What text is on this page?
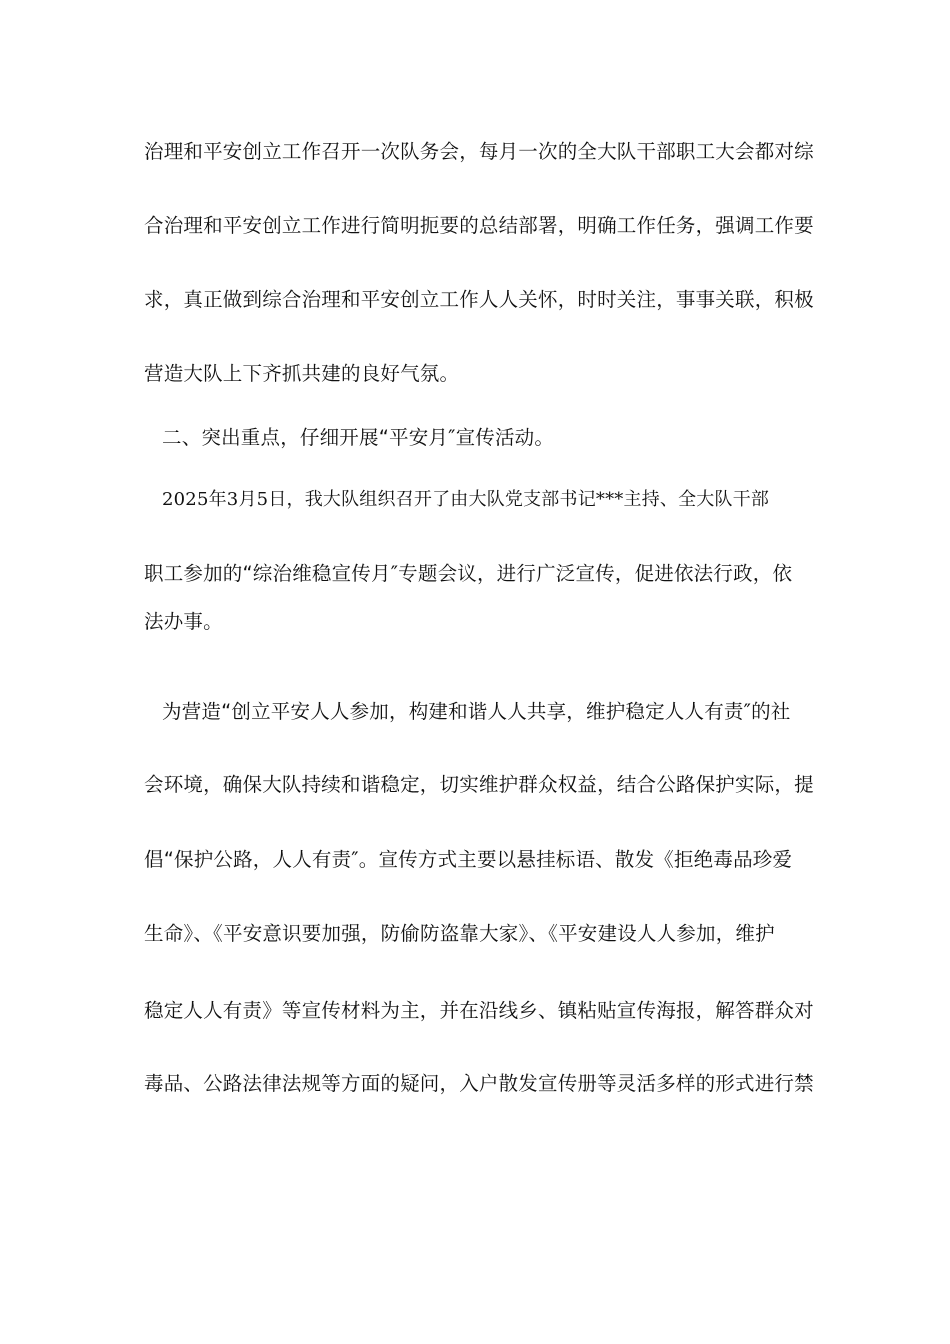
治理和平安创立工作召开一次队务会，每月一次的全大队干部职工大会都对综
合治理和平安创立工作进行简明扼要的总结部署，明确工作任务，强调工作要
求，真正做到综合治理和平安创立工作人人关怀，时时关注，事事关联，积极
营造大队上下齐抓共建的良好气氛。
二、突出重点，仔细开展“平安月″宣传活动。
2025年3月5日，我大队组织召开了由大队党支部书记***主持、全大队干部
职工参加的“综治维稳宣传月″专题会议，进行广泛宣传，促进依法行政，依
法办事。
为营造“创立平安人人参加，构建和谐人人共享，维护稳定人人有责″的社
会环境，确保大队持续和谐稳定，切实维护群众权益，结合公路保护实际，提
倡“保护公路，人人有责″。宣传方式主要以悬挂标语、散发《拒绝毒品珍爱
生命》、《平安意识要加强，防偷防盗靠大家》、《平安建设人人参加，维护
稳定人人有责》等宣传材料为主，并在沿线乡、镇粘贴宣传海报，解答群众对
毒品、公路法律法规等方面的疑问，入户散发宣传册等灵活多样的形式进行禁
